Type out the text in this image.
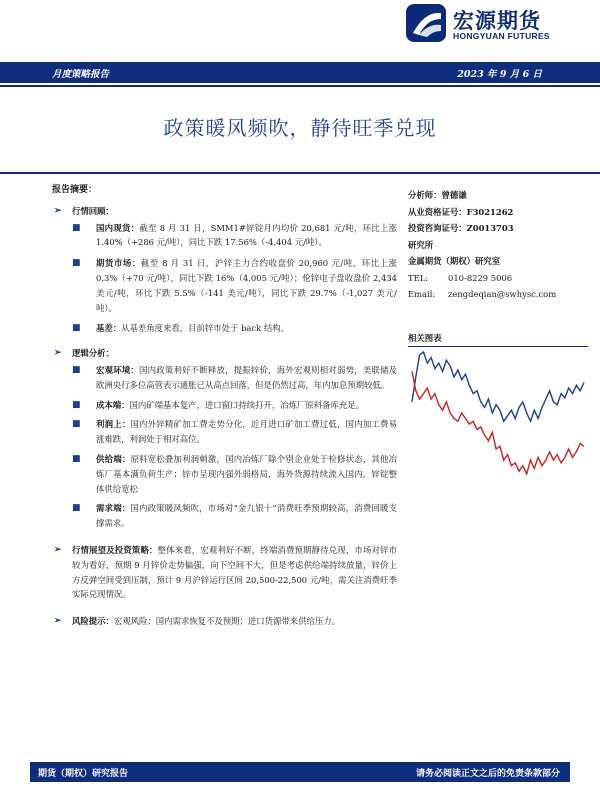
宏源期货
HONGYUAN FUTURES
月度策略报告	2023 年 9 月 6 日
政策暖风频吹，静待旺季兑现
报告摘要：
➢ 行情回顾：
■ 国内现货：截至 8 月 31 日，SMM1#锌锭月内均价 20,681 元/吨，环比上涨 1.40%（+286 元/吨），同比下跌 17.56%（-4,404 元/吨）。
■ 期货市场：截至 8 月 31 日，沪锌主力合约收盘价 20,960 元/吨，环比上涨 0.3%（+70 元/吨），同比下跌 16%（4,005 元/吨）；伦锌电子盘收盘价 2,434 美元/吨，环比下跌 5.5%（-141 美元/吨），同比下跌 29.7%（-1,027 美元/吨）。
■ 基差：从基差角度来看，目前锌市处于 back 结构。
➢ 逻辑分析：
■ 宏观环境：国内政策利好不断释放，提振锌价，海外宏观则相对弱势，美联储及欧洲央行多位高管表示通胀已从高点回落，但是仍然过高，年内加息预期较低。
■ 成本端：国内矿端基本复产，进口窗口持续打开，冶炼厂原料备库充足。
■ 利润上：国内外锌精矿加工费走势分化，近月进口矿加工费过低，国内加工费易涨难跌，利润处于相对高位。
■ 供给端：原料宽松叠加利润刺激，国内冶炼厂除个别企业处于检修状态，其他冶炼厂基本满负荷生产；锌市呈现内强外弱格局，海外货源持续流入国内，锌锭整体供给宽松
■ 需求端：国内政策暖风频吹，市场对“金九银十”消费旺季预期较高，消费回暖支撑需求。
➢ 行情展望及投资策略：整体来看，宏观利好不断，终端消费预期静待兑现，市场对锌市较为看好，预期 9 月锌价走势偏强，向下空间不大，但是考虑供给端持续放量，锌价上方反弹空间受到压制，预计 9 月沪锌运行区间 20,500-22,500 元/吨，需关注消费旺季实际兑现情况。
➢ 风险提示：宏观风险；国内需求恢复不及预期；进口货源带来供给压力。
分析师：曾德谦
从业资格证号：F3021262
投资咨询证号：Z0013703
研究所
金属期货（期权）研究室
TEL: 010-8229 5006
Email: zengdeqian@swhysc.com
相关图表
期货（期权）研究报告	请务必阅读正文之后的免责条款部分
